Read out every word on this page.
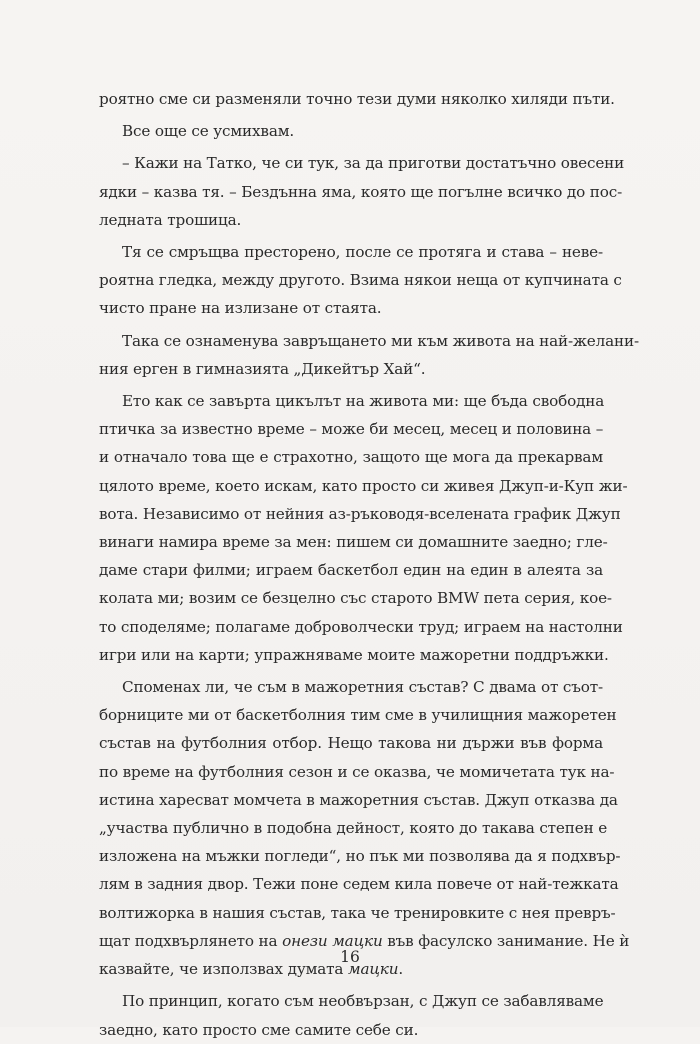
роятно сме си разменяли точно тези думи няколко хиляди пъти.

Все още се усмихвам.

– Кажи на Татко, че си тук, за да приготви достатъчно овесени
ядки – казва тя. – Бездънна яма, която ще погълне всичко до пос-
ледната трошица.

Тя се смръщва престорено, после се протяга и става – неве-
роятна гледка, между другото. Взима някои неща от купчината с
чисто пране на излизане от стаята.

Така се ознаменува завръщането ми към живота на най-желани-
ния ерген в гимназията „Дикейтър Хай“.

Ето как се завърта цикълът на живота ми: ще бъда свободна
птичка за известно време – може би месец, месец и половина –
и отначало това ще е страхотно, защото ще мога да прекарвам
цялото време, което искам, като просто си живея Джуп-и-Куп жи-
вота. Независимо от нейния аз-ръководя-вселената график Джуп
винаги намира време за мен: пишем си домашните заедно; гле-
даме стари филми; играем баскетбол един на един в алеята за
колата ми; возим се безцелно със старото BMW пета серия, кое-
то споделяме; полагаме доброволчески труд; играем на настолни
игри или на карти; упражняваме моите мажоретни поддръжки.

Споменах ли, че съм в мажоретния състав? С двама от съот-
борниците ми от баскетболния тим сме в училищния мажоретен
състав на футболния отбор. Нещо такова ни държи във форма
по време на футболния сезон и се оказва, че момичетата тук на-
истина харесват момчета в мажоретния състав. Джуп отказва да
„участва публично в подобна дейност, която до такава степен е
изложена на мъжки погледи“, но пък ми позволява да я подхвър-
лям в задния двор. Тежи поне седем кила повече от най-тежката
волтижорка в нашия състав, така че тренировките с нея превръ-
щат подхвърлянето на онези мацки във фасулско занимание. Не ѝ
казвайте, че използвах думата мацки.

По принцип, когато съм необвързан, с Джуп се забавляваме
заедно, като просто сме самите себе си.

16
